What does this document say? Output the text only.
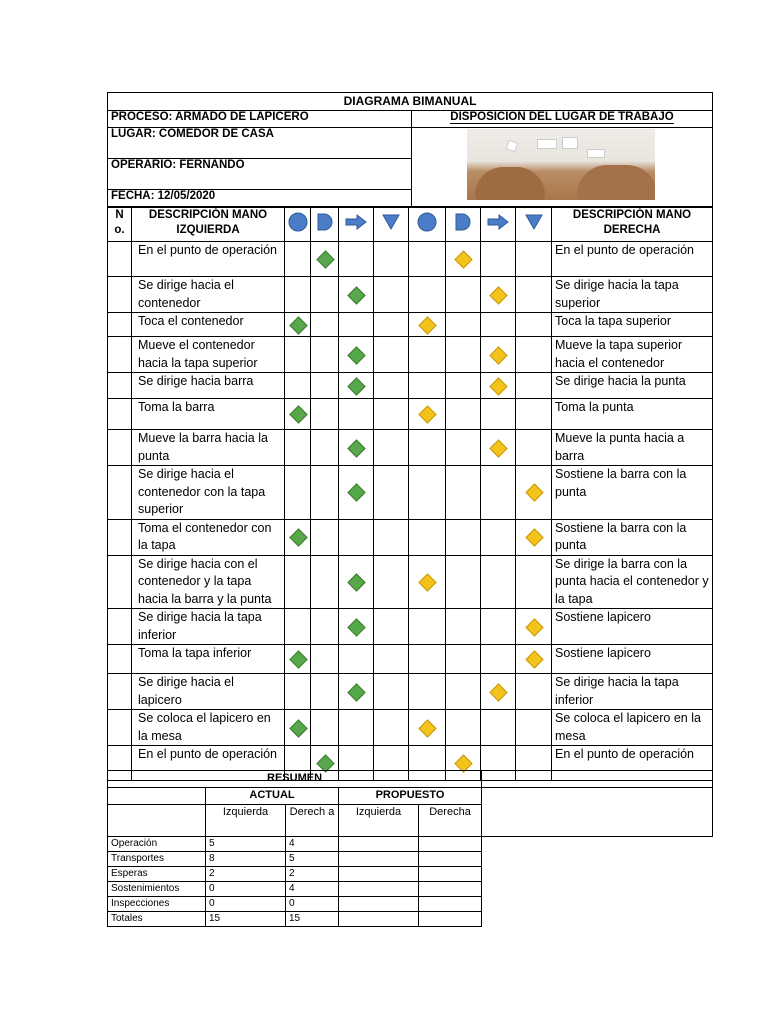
DIAGRAMA BIMANUAL	
PROCESO: ARMADO DE LAPICERO	DISPOSICIÓN DEL LUGAR DE TRABAJO
LUGAR: COMEDOR DE CASA	
OPERARIO: FERNANDO	
FECHA: 12/05/2020	
N
o.	DESCRIPCIÓN MANO IZQUIERDA									DESCRIPCIÓN MANO DERECHA
	En el punto de operación									En el punto de operación
	Se dirige hacia el contenedor									Se dirige hacia la tapa superior
	Toca el contenedor									Toca la tapa superior
	Mueve el contenedor hacia la tapa superior									Mueve la tapa superior hacia el contenedor
	Se dirige hacia barra									Se dirige hacia la punta
	Toma la barra									Toma la punta
	Mueve la barra hacia la punta									Mueve la punta hacia a barra
	Se dirige hacia el contenedor con la tapa superior									Sostiene la barra con la punta
	Toma el contenedor con la tapa									Sostiene la barra con la punta
	Se dirige hacia con el contenedor y la tapa hacia la barra y la punta									Se dirige la barra con la punta hacia el contenedor y la tapa
	Se dirige hacia la tapa inferior									Sostiene lapicero
	Toma la tapa inferior									Sostiene lapicero
	Se dirige hacia el lapicero									Se dirige hacia la tapa inferior
	Se coloca el lapicero en la mesa									Se coloca el lapicero en la mesa
	En el punto de operación									En el punto de operación
RESUMEN					
	ACTUAL		PROPUESTO		
	Izquierda	Derech a	Izquierda	Derecha	
Operación	5	4			
Transportes	8	5			
Esperas	2	2			
Sostenimientos	0	4			
Inspecciones	0	0			
Totales	15	15			
